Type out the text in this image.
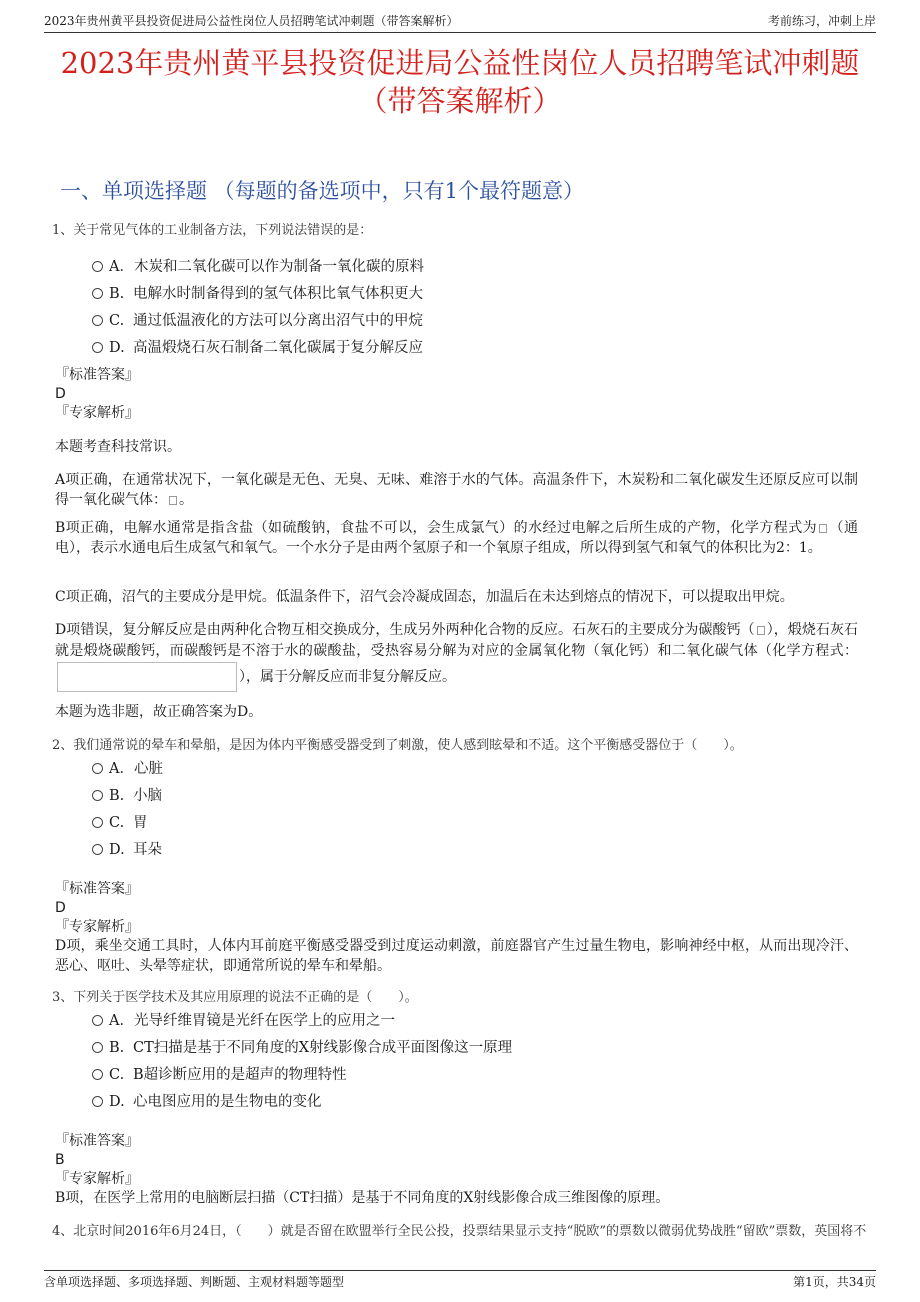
2023年贵州黄平县投资促进局公益性岗位人员招聘笔试冲刺题（带答案解析）	考前练习，冲刺上岸
2023年贵州黄平县投资促进局公益性岗位人员招聘笔试冲刺题
（带答案解析）
一、单项选择题 （每题的备选项中，只有1个最符题意）
1、关于常见气体的工业制备方法，下列说法错误的是：
A．木炭和二氧化碳可以作为制备一氧化碳的原料
B. 电解水时制备得到的氢气体积比氧气体积更大
C. 通过低温液化的方法可以分离出沼气中的甲烷
D. 高温煅烧石灰石制备二氧化碳属于复分解反应
『标准答案』
D
『专家解析』
本题考查科技常识。
A项正确，在通常状况下，一氧化碳是无色、无臭、无味、难溶于水的气体。高温条件下，木炭粉和二氧化碳发生还原反应可以制得一氧化碳气体： 。
B项正确，电解水通常是指含盐（如硫酸钠，食盐不可以，会生成氯气）的水经过电解之后所生成的产物，化学方程式为 （通电），表示水通电后生成氢气和氧气。一个水分子是由两个氢原子和一个氧原子组成，所以得到氢气和氧气的体积比为2：1。
C项正确，沼气的主要成分是甲烷。低温条件下，沼气会冷凝成固态，加温后在未达到熔点的情况下，可以提取出甲烷。
D项错误，复分解反应是由两种化合物互相交换成分，生成另外两种化合物的反应。石灰石的主要成分为碳酸钙（ ），煅烧石灰石就是煅烧碳酸钙，而碳酸钙是不溶于水的碳酸盐，受热容易分解为对应的金属氧化物（氧化钙）和二氧化碳气体（化学方程式：），属于分解反应而非复分解反应。
本题为选非题，故正确答案为D。
2、我们通常说的晕车和晕船，是因为体内平衡感受器受到了刺激，使人感到眩晕和不适。这个平衡感受器位于（　　）。
A．心脏
B. 小脑
C. 胃
D. 耳朵
『标准答案』
D
『专家解析』
D项，乘坐交通工具时，人体内耳前庭平衡感受器受到过度运动刺激，前庭器官产生过量生物电，影响神经中枢，从而出现冷汗、恶心、呕吐、头晕等症状，即通常所说的晕车和晕船。
3、下列关于医学技术及其应用原理的说法不正确的是（　　）。
A．光导纤维胃镜是光纤在医学上的应用之一
B. CT扫描是基于不同角度的X射线影像合成平面图像这一原理
C. B超诊断应用的是超声的物理特性
D. 心电图应用的是生物电的变化
『标准答案』
B
『专家解析』
B项，在医学上常用的电脑断层扫描（CT扫描）是基于不同角度的X射线影像合成三维图像的原理。
4、北京时间2016年6月24日，（　　）就是否留在欧盟举行全民公投，投票结果显示支持“脱欧”的票数以微弱优势战胜“留欧”票数，英国将不
含单项选择题、多项选择题、判断题、主观材料题等题型	第1页，共34页
